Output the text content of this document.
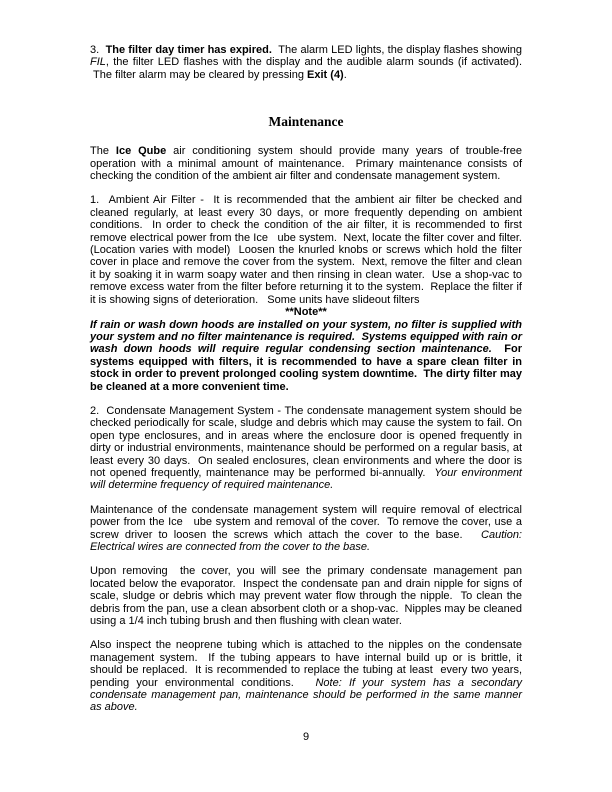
3.  The filter day timer has expired.  The alarm LED lights, the display flashes showing FIL, the filter LED flashes with the display and the audible alarm sounds (if activated).  The filter alarm may be cleared by pressing Exit (4).

Maintenance

The Ice Qube air conditioning system should provide many years of trouble-free operation with a minimal amount of maintenance.  Primary maintenance consists of checking the condition of the ambient air filter and condensate management system.

1.  Ambient Air Filter -  It is recommended that the ambient air filter be checked and cleaned regularly, at least every 30 days, or more frequently depending on ambient conditions.  In order to check the condition of the air filter, it is recommended to first remove electrical power from the Ice   ube system.  Next, locate the filter cover and filter. (Location varies with model)  Loosen the knurled knobs or screws which hold the filter cover in place and remove the cover from the system.  Next, remove the filter and clean it by soaking it in warm soapy water and then rinsing in clean water.  Use a shop-vac to remove excess water from the filter before returning it to the system.  Replace the filter if it is showing signs of deterioration.   Some units have slideout filters

**Note**

If rain or wash down hoods are installed on your system, no filter is supplied with your system and no filter maintenance is required.  Systems equipped with rain or wash down hoods will require regular condensing section maintenance.  For systems equipped with filters, it is recommended to have a spare clean filter in stock in order to prevent prolonged cooling system downtime.  The dirty filter may be cleaned at a more convenient time.

2.  Condensate Management System - The condensate management system should be checked periodically for scale, sludge and debris which may cause the system to fail. On open type enclosures, and in areas where the enclosure door is opened frequently in dirty or industrial environments, maintenance should be performed on a regular basis, at least every 30 days.  On sealed enclosures, clean environments and where the door is not opened frequently, maintenance may be performed bi-annually.  Your environment will determine frequency of required maintenance.

Maintenance of the condensate management system will require removal of electrical power from the Ice   ube system and removal of the cover.  To remove the cover, use a screw driver to loosen the screws which attach the cover to the base.   Caution: Electrical wires are connected from the cover to the base.

Upon removing  the cover, you will see the primary condensate management pan located below the evaporator.  Inspect the condensate pan and drain nipple for signs of scale, sludge or debris which may prevent water flow through the nipple.  To clean the debris from the pan, use a clean absorbent cloth or a shop-vac.  Nipples may be cleaned using a 1/4 inch tubing brush and then flushing with clean water.

Also inspect the neoprene tubing which is attached to the nipples on the condensate management system.  If the tubing appears to have internal build up or is brittle, it should be replaced.  It is recommended to replace the tubing at least  every two years, pending your environmental conditions.   Note: If your system has a secondary condensate management pan, maintenance should be performed in the same manner as above.

9
